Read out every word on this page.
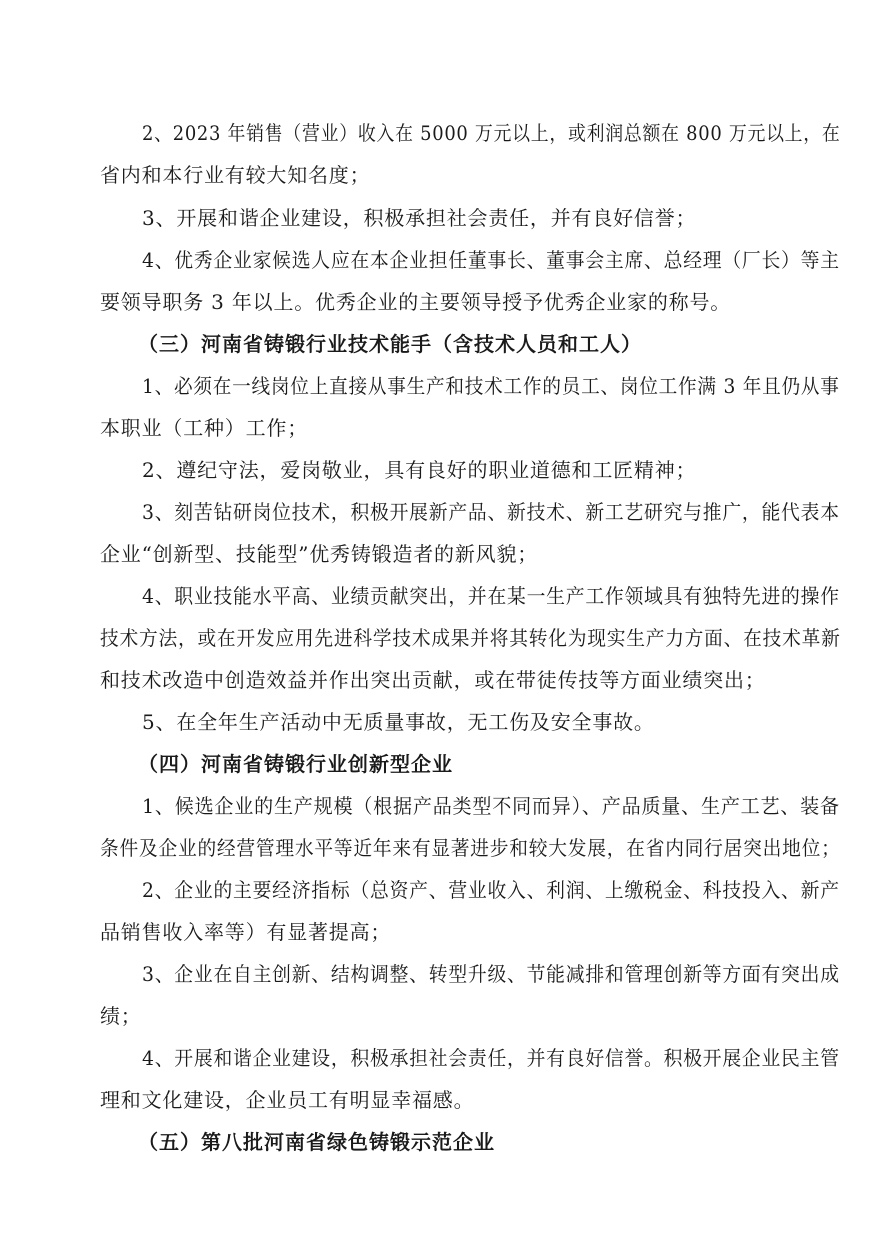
2、2023 年销售（营业）收入在 5000 万元以上，或利润总额在 800 万元以上，在
省内和本行业有较大知名度；
3、开展和谐企业建设，积极承担社会责任，并有良好信誉；
4、优秀企业家候选人应在本企业担任董事长、董事会主席、总经理（厂长）等主
要领导职务 3 年以上。优秀企业的主要领导授予优秀企业家的称号。
（三）河南省铸锻行业技术能手（含技术人员和工人）
1、必须在一线岗位上直接从事生产和技术工作的员工、岗位工作满 3 年且仍从事
本职业（工种）工作；
2、遵纪守法，爱岗敬业，具有良好的职业道德和工匠精神；
3、刻苦钻研岗位技术，积极开展新产品、新技术、新工艺研究与推广，能代表本
企业“创新型、技能型”优秀铸锻造者的新风貌；
4、职业技能水平高、业绩贡献突出，并在某一生产工作领域具有独特先进的操作
技术方法，或在开发应用先进科学技术成果并将其转化为现实生产力方面、在技术革新
和技术改造中创造效益并作出突出贡献，或在带徒传技等方面业绩突出；
5、在全年生产活动中无质量事故，无工伤及安全事故。
（四）河南省铸锻行业创新型企业
1、候选企业的生产规模（根据产品类型不同而异）、产品质量、生产工艺、装备
条件及企业的经营管理水平等近年来有显著进步和较大发展，在省内同行居突出地位；
2、企业的主要经济指标（总资产、营业收入、利润、上缴税金、科技投入、新产
品销售收入率等）有显著提高；
3、企业在自主创新、结构调整、转型升级、节能减排和管理创新等方面有突出成
绩；
4、开展和谐企业建设，积极承担社会责任，并有良好信誉。积极开展企业民主管
理和文化建设，企业员工有明显幸福感。
（五）第八批河南省绿色铸锻示范企业
